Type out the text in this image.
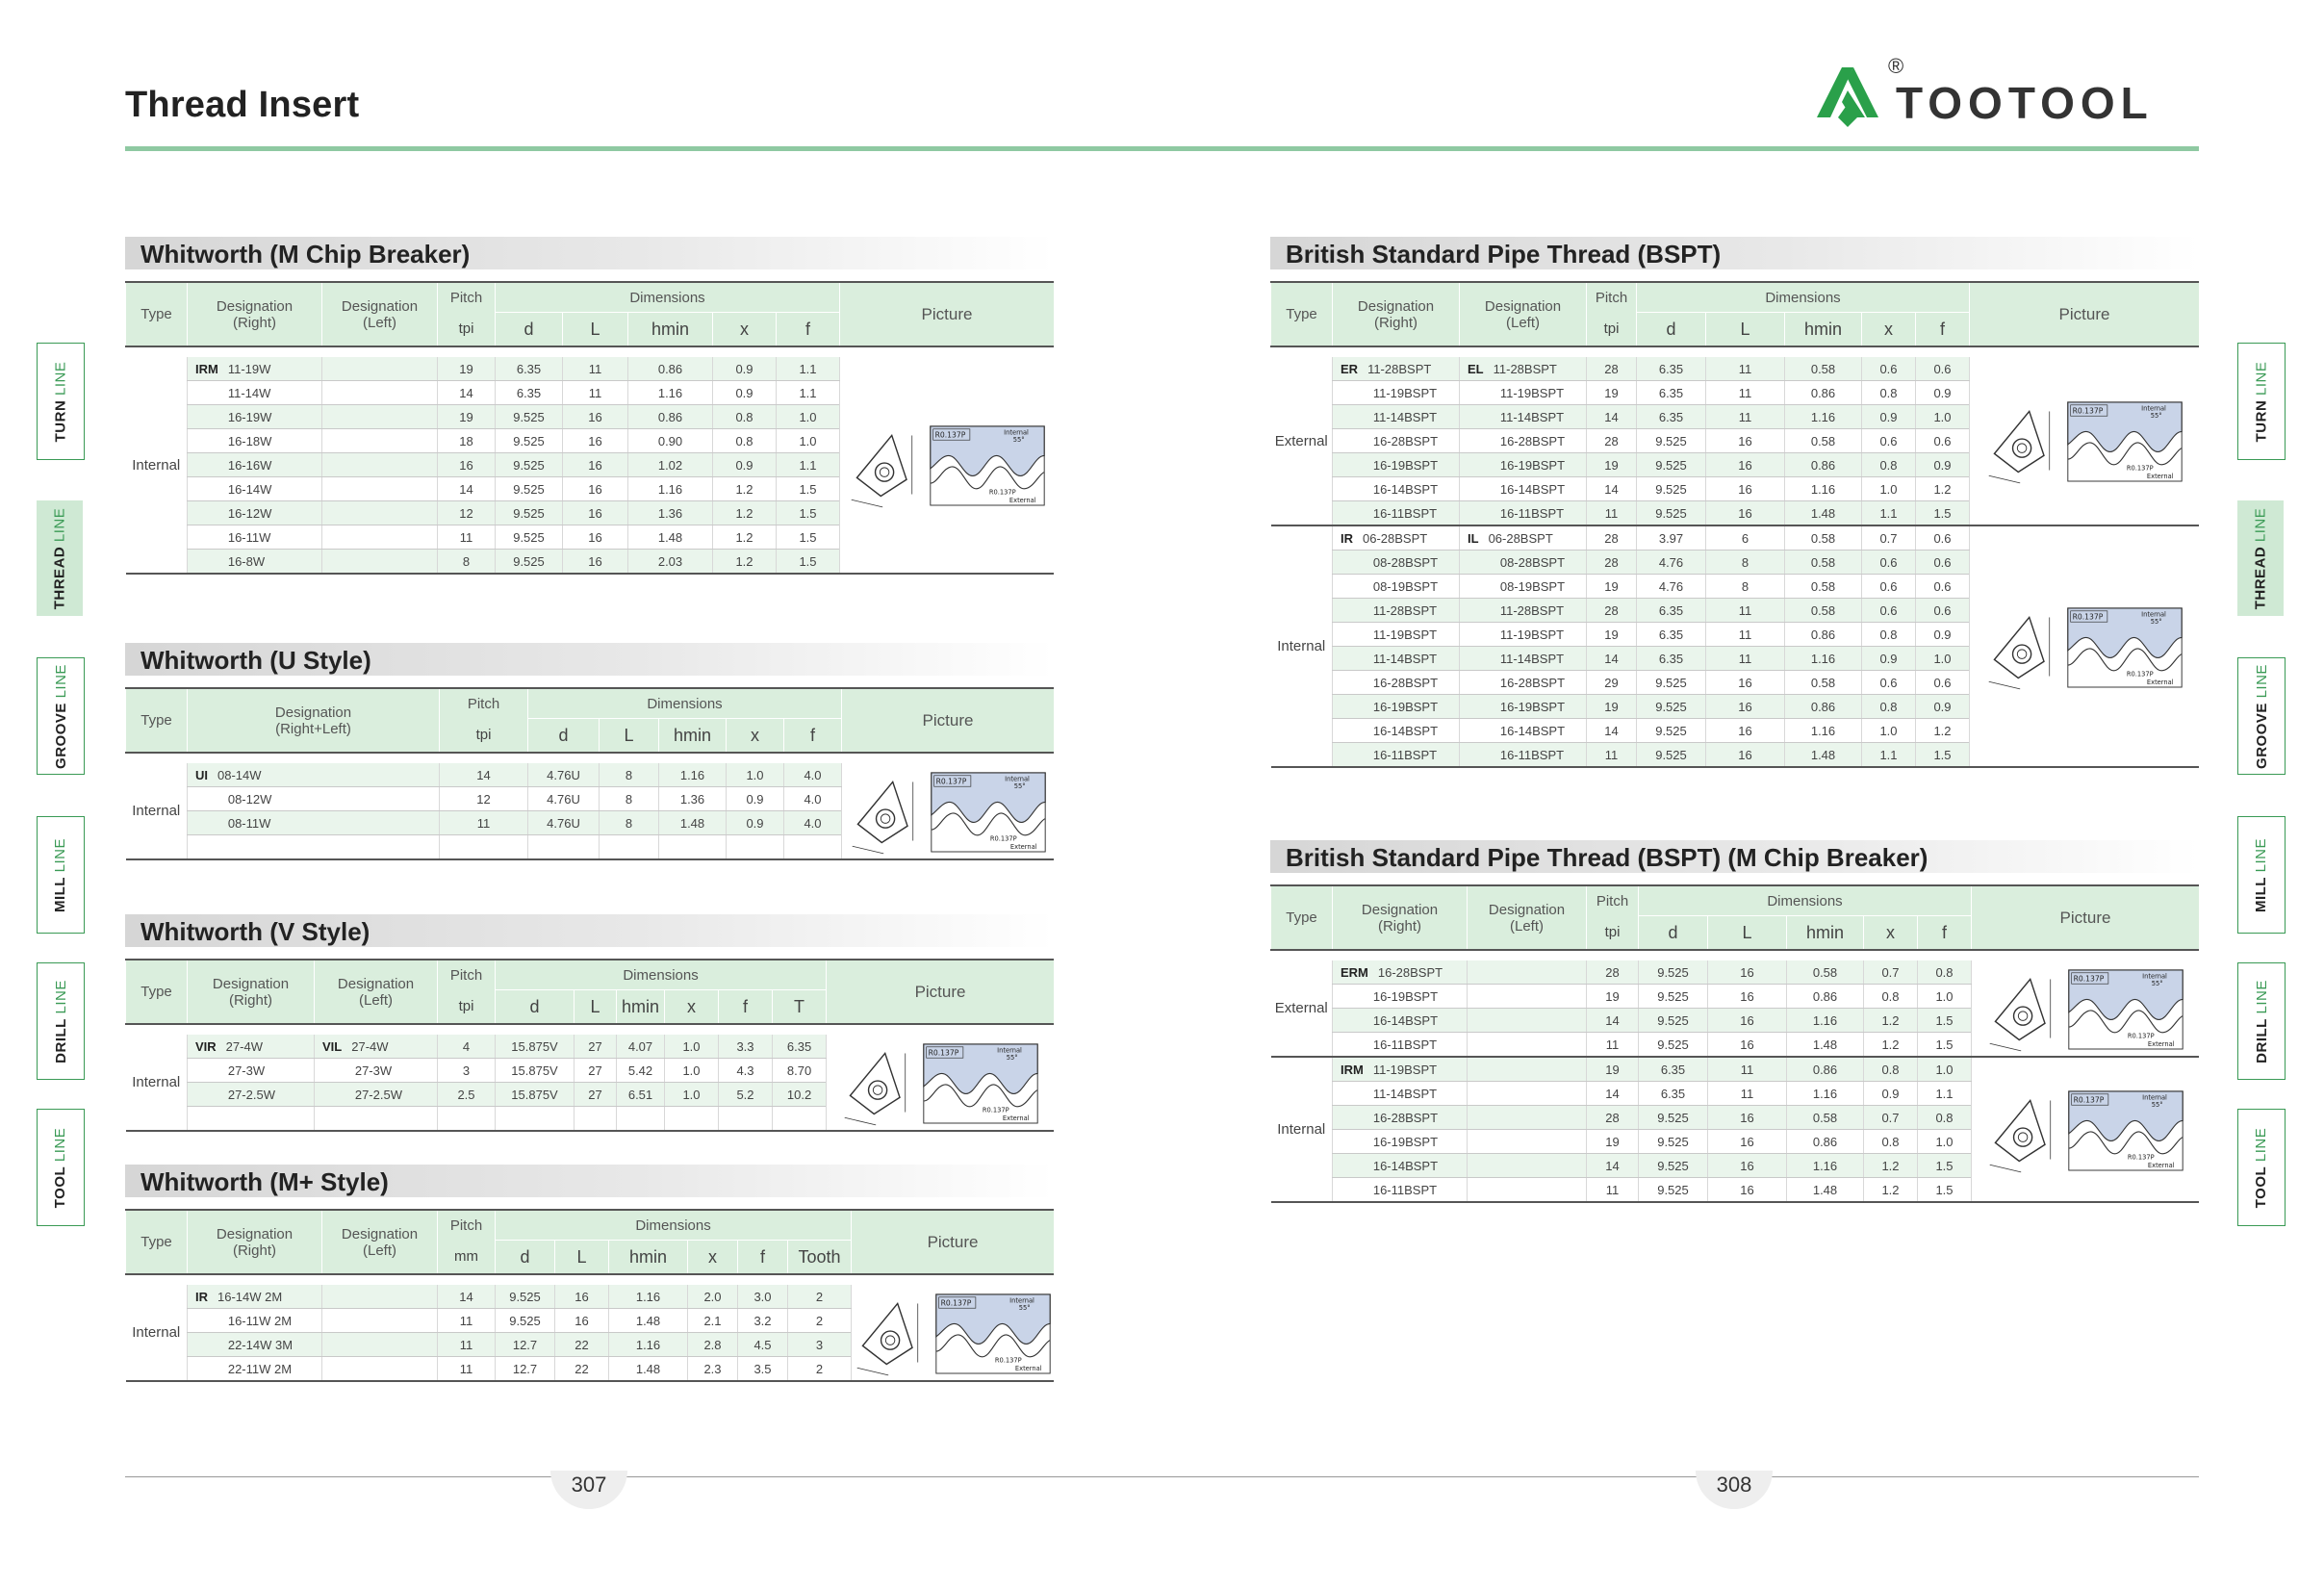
Thread Insert
®
TOOTOOL
TURN LINE
THREAD LINE
GROOVE LINE
MILL LINE
DRILL LINE
TOOL LINE
TURN LINE
THREAD LINE
GROOVE LINE
MILL LINE
DRILL LINE
TOOL LINE
Whitworth (M Chip Breaker)
Type	Designation
(Right)	Designation
(Left)	Pitch	Dimensions					Picture
			tpi	d	L	hmin	x	f	

Internal	IRM 11-19W		19	6.35	11	0.86	0.9	1.1	R0.137P Internal
55°
R0.137P
External

	11-14W		14	6.35	11	1.16	0.9	1.1	
	16-19W		19	9.525	16	0.86	0.8	1.0	
	16-18W		18	9.525	16	0.90	0.8	1.0	
	16-16W		16	9.525	16	1.02	0.9	1.1	
	16-14W		14	9.525	16	1.16	1.2	1.5	
	16-12W		12	9.525	16	1.36	1.2	1.5	
	16-11W		11	9.525	16	1.48	1.2	1.5	
	16-8W		8	9.525	16	2.03	1.2	1.5	
Whitworth (U Style)
Type	Designation
(Right+Left)	Pitch	Dimensions					Picture
		tpi	d	L	hmin	x	f	

Internal	UI 08-14W	14	4.76U	8	1.16	1.0	4.0	R0.137P Internal
55°
R0.137P
External

	08-12W	12	4.76U	8	1.36	0.9	4.0	
	08-11W	11	4.76U	8	1.48	0.9	4.0	

Whitworth (V Style)
Type	Designation
(Right)	Designation
(Left)	Pitch	Dimensions						Picture
			tpi	d	L	hmin	x	f	T	

Internal	VIR 27-4W	VIL 27-4W	4	15.875V	27	4.07	1.0	3.3	6.35	R0.137P Internal
55°
R0.137P
External

	27-3W	27-3W	3	15.875V	27	5.42	1.0	4.3	8.70	
	27-2.5W	27-2.5W	2.5	15.875V	27	6.51	1.0	5.2	10.2	

Whitworth (M+ Style)
Type	Designation
(Right)	Designation
(Left)	Pitch	Dimensions						Picture
			mm	d	L	hmin	x	f	Tooth	

Internal	IR 16-14W 2M		14	9.525	16	1.16	2.0	3.0	2	R0.137P Internal
55°
R0.137P
External

	16-11W 2M		11	9.525	16	1.48	2.1	3.2	2	
	22-14W 3M		11	12.7	22	1.16	2.8	4.5	3	
	22-11W 2M		11	12.7	22	1.48	2.3	3.5	2	
British Standard Pipe Thread (BSPT)
Type	Designation
(Right)	Designation
(Left)	Pitch	Dimensions					Picture
			tpi	d	L	hmin	x	f	

External	ER 11-28BSPT	EL 11-28BSPT	28	6.35	11	0.58	0.6	0.6	R0.137P Internal
55°
R0.137P
External

	11-19BSPT	11-19BSPT	19	6.35	11	0.86	0.8	0.9	
	11-14BSPT	11-14BSPT	14	6.35	11	1.16	0.9	1.0	
	16-28BSPT	16-28BSPT	28	9.525	16	0.58	0.6	0.6	
	16-19BSPT	16-19BSPT	19	9.525	16	0.86	0.8	0.9	
	16-14BSPT	16-14BSPT	14	9.525	16	1.16	1.0	1.2	
	16-11BSPT	16-11BSPT	11	9.525	16	1.48	1.1	1.5	
Internal	IR 06-28BSPT	IL 06-28BSPT	28	3.97	6	0.58	0.7	0.6	R0.137P Internal
55°
R0.137P
External

	08-28BSPT	08-28BSPT	28	4.76	8	0.58	0.6	0.6	
	08-19BSPT	08-19BSPT	19	4.76	8	0.58	0.6	0.6	
	11-28BSPT	11-28BSPT	28	6.35	11	0.58	0.6	0.6	
	11-19BSPT	11-19BSPT	19	6.35	11	0.86	0.8	0.9	
	11-14BSPT	11-14BSPT	14	6.35	11	1.16	0.9	1.0	
	16-28BSPT	16-28BSPT	29	9.525	16	0.58	0.6	0.6	
	16-19BSPT	16-19BSPT	19	9.525	16	0.86	0.8	0.9	
	16-14BSPT	16-14BSPT	14	9.525	16	1.16	1.0	1.2	
	16-11BSPT	16-11BSPT	11	9.525	16	1.48	1.1	1.5	
British Standard Pipe Thread (BSPT) (M Chip Breaker)
Type	Designation
(Right)	Designation
(Left)	Pitch	Dimensions					Picture
			tpi	d	L	hmin	x	f	

External	ERM 16-28BSPT		28	9.525	16	0.58	0.7	0.8	R0.137P Internal
55°
R0.137P
External

	16-19BSPT		19	9.525	16	0.86	0.8	1.0	
	16-14BSPT		14	9.525	16	1.16	1.2	1.5	
	16-11BSPT		11	9.525	16	1.48	1.2	1.5	
Internal	IRM 11-19BSPT		19	6.35	11	0.86	0.8	1.0	R0.137P Internal
55°
R0.137P
External

	11-14BSPT		14	6.35	11	1.16	0.9	1.1	
	16-28BSPT		28	9.525	16	0.58	0.7	0.8	
	16-19BSPT		19	9.525	16	0.86	0.8	1.0	
	16-14BSPT		14	9.525	16	1.16	1.2	1.5	
	16-11BSPT		11	9.525	16	1.48	1.2	1.5	
307	308
